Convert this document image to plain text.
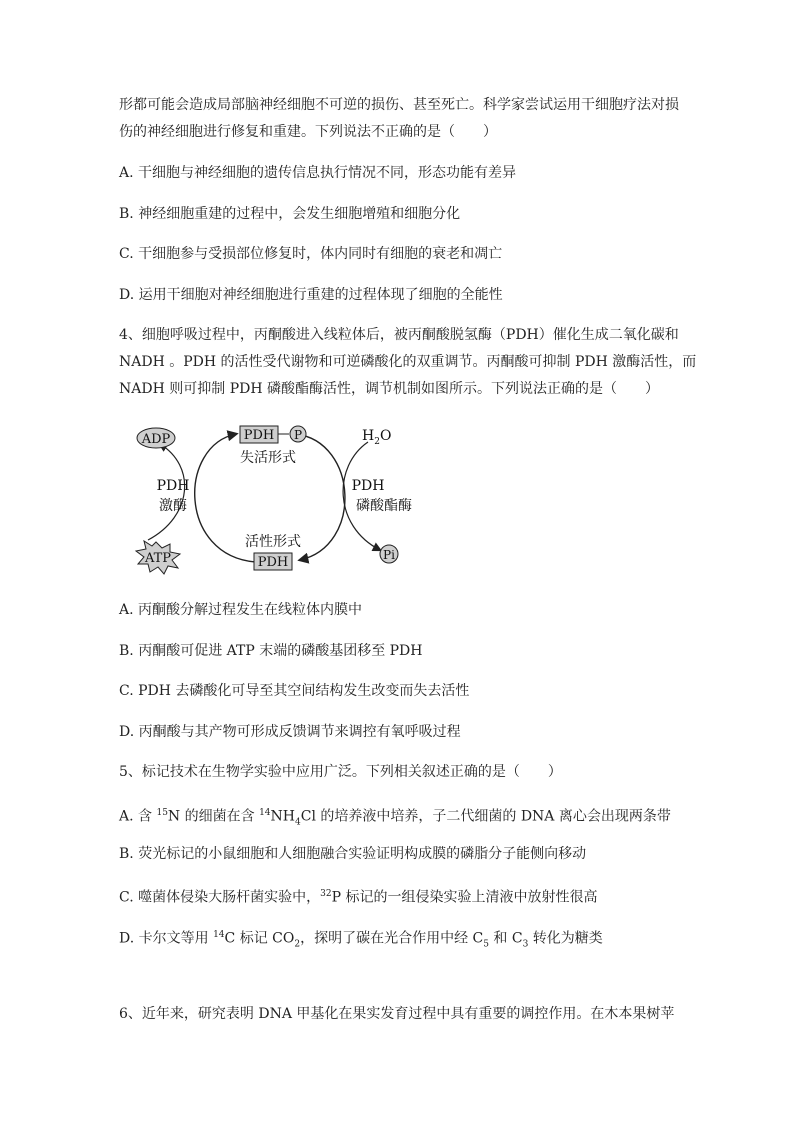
形都可能会造成局部脑神经细胞不可逆的损伤、甚至死亡。科学家尝试运用干细胞疗法对损
伤的神经细胞进行修复和重建。下列说法不正确的是（　　）
A. 干细胞与神经细胞的遗传信息执行情况不同，形态功能有差异
B. 神经细胞重建的过程中，会发生细胞增殖和细胞分化
C. 干细胞参与受损部位修复时，体内同时有细胞的衰老和凋亡
D. 运用干细胞对神经细胞进行重建的过程体现了细胞的全能性
4、细胞呼吸过程中，丙酮酸进入线粒体后，被丙酮酸脱氢酶（PDH）催化生成二氧化碳和
NADH 。PDH 的活性受代谢物和可逆磷酸化的双重调节。丙酮酸可抑制 PDH 激酶活性，而
NADH 则可抑制 PDH 磷酸酯酶活性，调节机制如图所示。下列说法正确的是（　　）
ADP
ATP
PDH P
失活形式
活性形式
PDH
PDH
激酶
PDH
磷酸酯酶
$H_2O$
Pi
A. 丙酮酸分解过程发生在线粒体内膜中
B. 丙酮酸可促进 ATP 末端的磷酸基团移至 PDH
C. PDH 去磷酸化可导至其空间结构发生改变而失去活性
D. 丙酮酸与其产物可形成反馈调节来调控有氧呼吸过程
5、标记技术在生物学实验中应用广泛。下列相关叙述正确的是（　　）
A. 含 $^{15}$N 的细菌在含 $^{14}NH_4Cl$ 的培养液中培养，子二代细菌的 DNA 离心会出现两条带
B. 荧光标记的小鼠细胞和人细胞融合实验证明构成膜的磷脂分子能侧向移动
C. 噬菌体侵染大肠杆菌实验中，$^{32}$P 标记的一组侵染实验上清液中放射性很高
D. 卡尔文等用 $^{14}$C 标记 $CO_2$，探明了碳在光合作用中经 $C_5$ 和 $C_3$ 转化为糖类
6、近年来，研究表明 DNA 甲基化在果实发育过程中具有重要的调控作用。在木本果树苹
